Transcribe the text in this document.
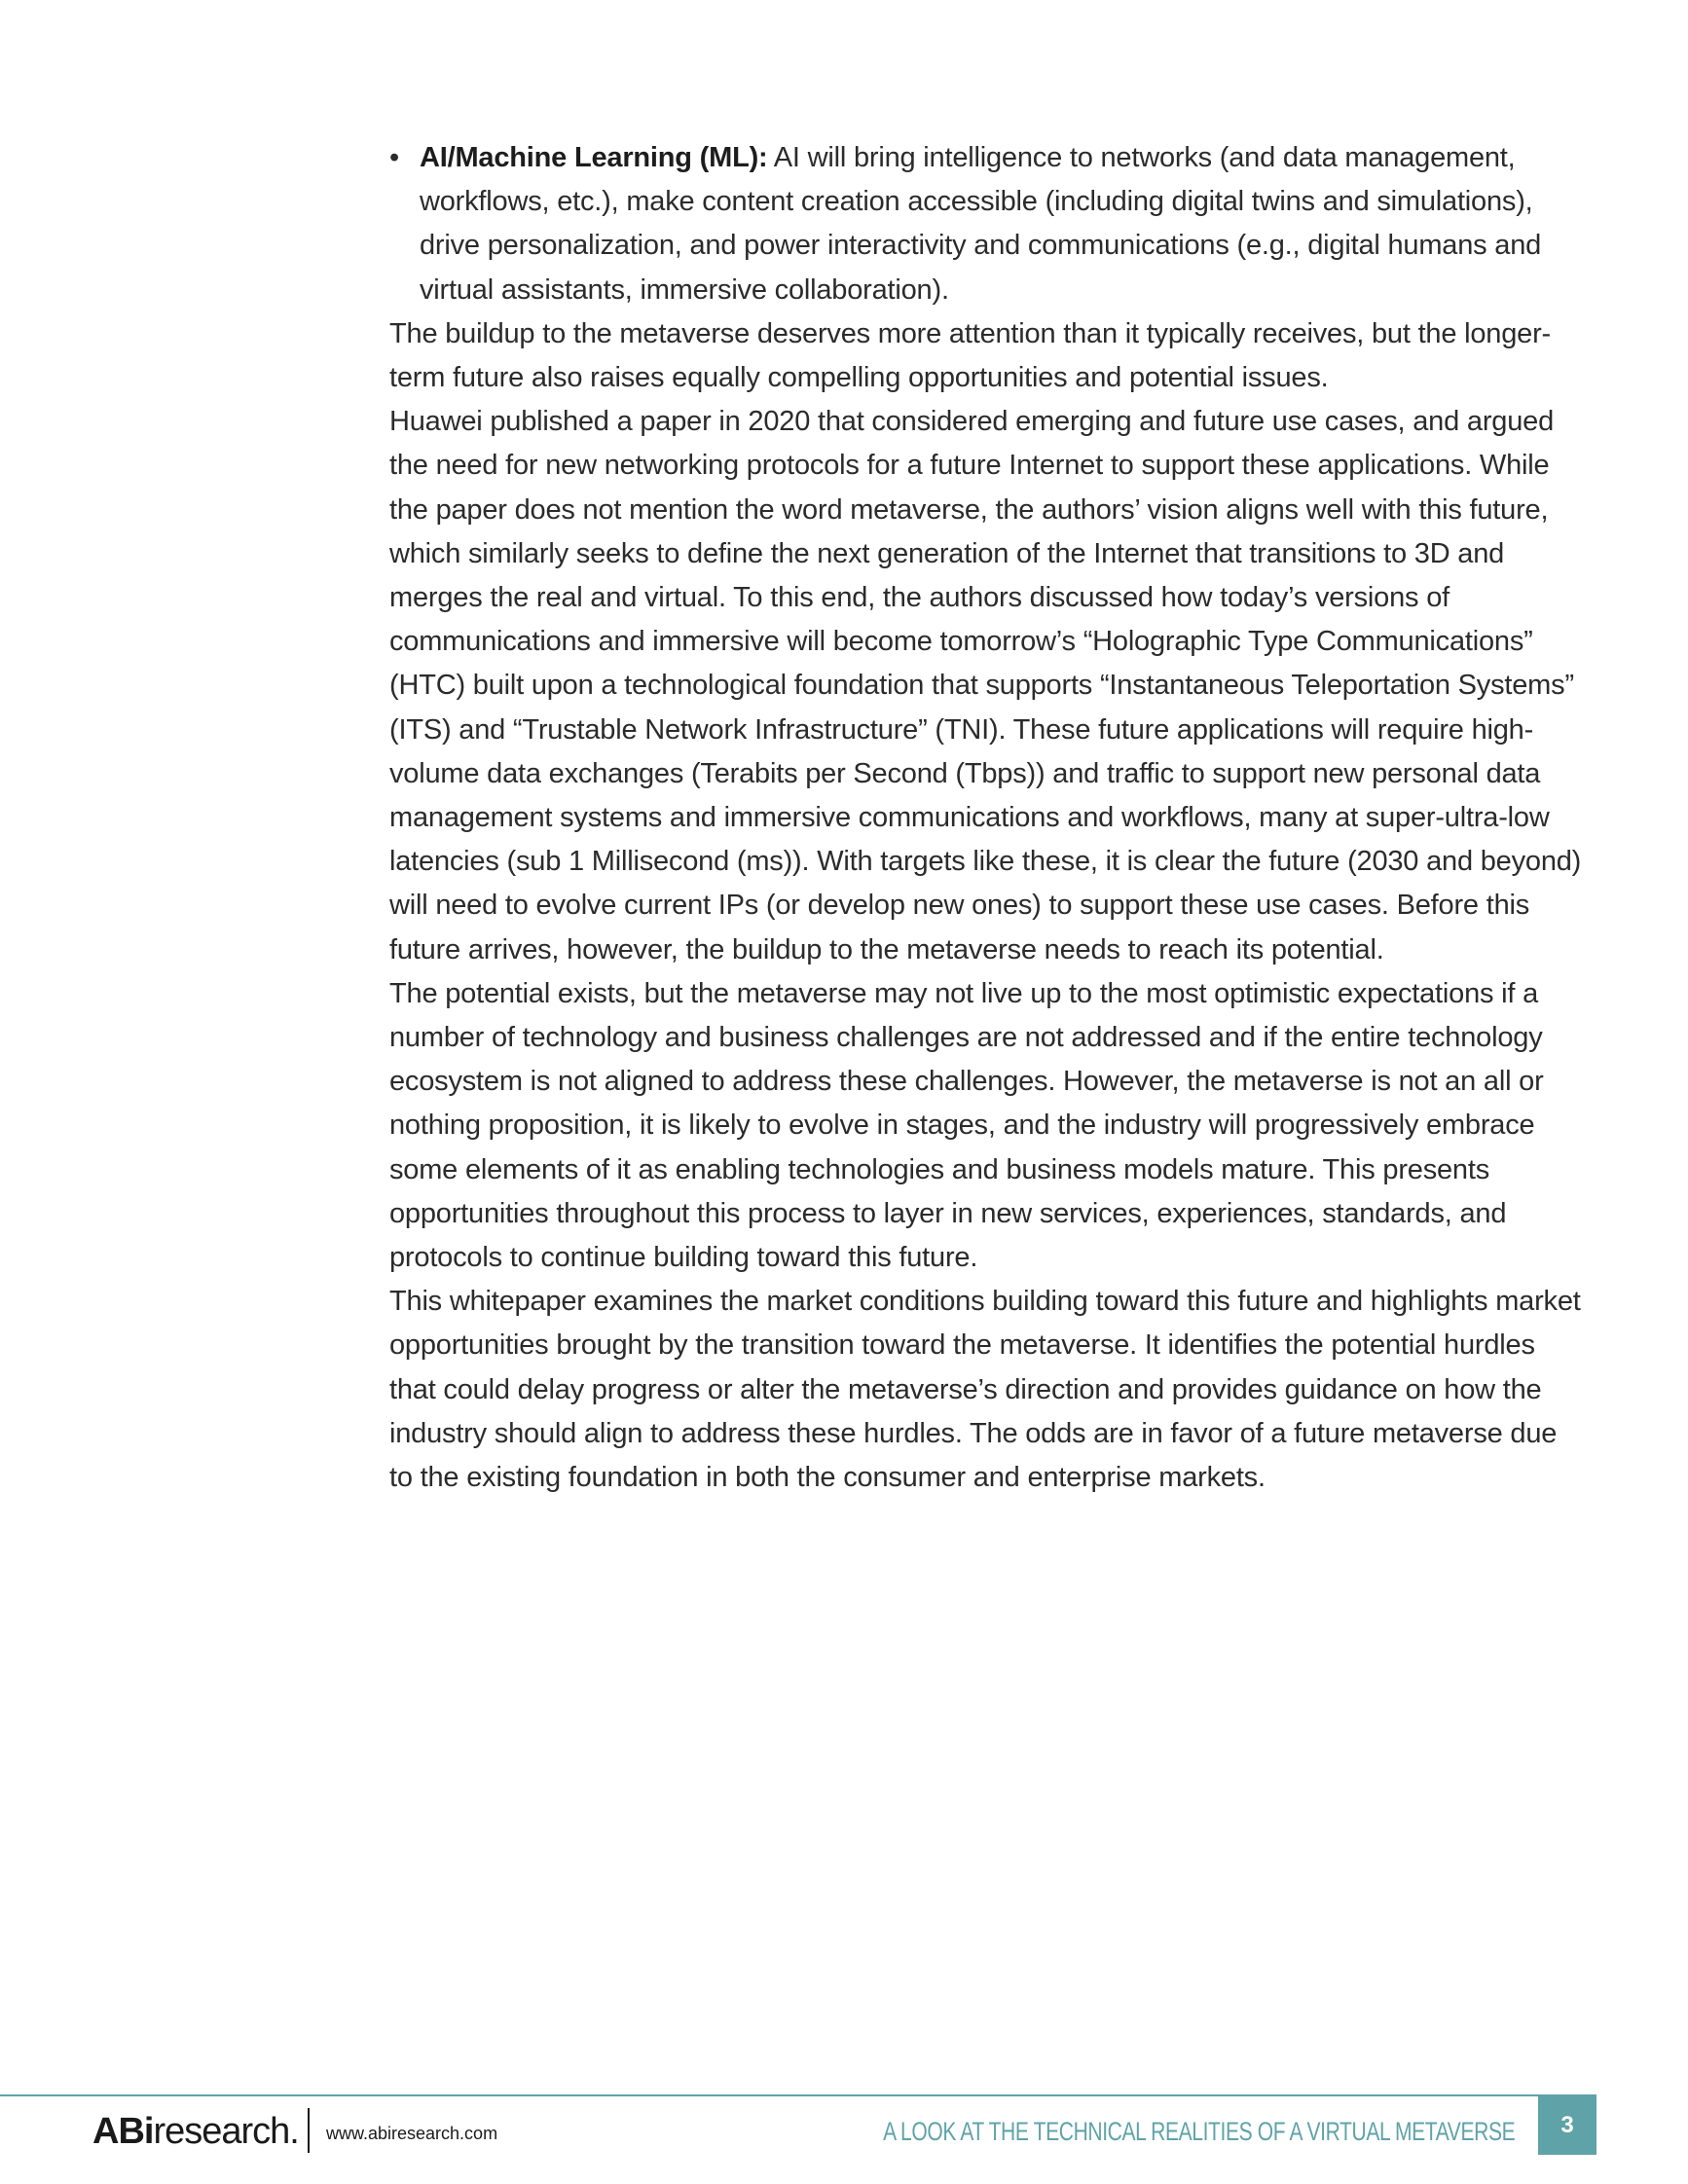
• AI/Machine Learning (ML): AI will bring intelligence to networks (and data management, workflows, etc.), make content creation accessible (including digital twins and simulations), drive personalization, and power interactivity and communications (e.g., digital humans and virtual assistants, immersive collaboration).

The buildup to the metaverse deserves more attention than it typically receives, but the longer-term future also raises equally compelling opportunities and potential issues.

Huawei published a paper in 2020 that considered emerging and future use cases, and argued the need for new networking protocols for a future Internet to support these applications. While the paper does not mention the word metaverse, the authors’ vision aligns well with this future, which similarly seeks to define the next generation of the Internet that transitions to 3D and merges the real and virtual. To this end, the authors discussed how today’s versions of communications and immersive will become tomorrow’s “Holographic Type Communications” (HTC) built upon a technological foundation that supports “Instantaneous Teleportation Systems” (ITS) and “Trustable Network Infrastructure” (TNI). These future applications will require high-volume data exchanges (Terabits per Second (Tbps)) and traffic to support new personal data management systems and immersive communications and workflows, many at super-ultra-low latencies (sub 1 Millisecond (ms)). With targets like these, it is clear the future (2030 and beyond) will need to evolve current IPs (or develop new ones) to support these use cases. Before this future arrives, however, the buildup to the metaverse needs to reach its potential.

The potential exists, but the metaverse may not live up to the most optimistic expectations if a number of technology and business challenges are not addressed and if the entire technology ecosystem is not aligned to address these challenges. However, the metaverse is not an all or nothing proposition, it is likely to evolve in stages, and the industry will progressively embrace some elements of it as enabling technologies and business models mature. This presents opportunities throughout this process to layer in new services, experiences, standards, and protocols to continue building toward this future.

This whitepaper examines the market conditions building toward this future and highlights market opportunities brought by the transition toward the metaverse. It identifies the potential hurdles that could delay progress or alter the metaverse’s direction and provides guidance on how the industry should align to address these hurdles. The odds are in favor of a future metaverse due to the existing foundation in both the consumer and enterprise markets.

ABiresearch. www.abiresearch.com	A LOOK AT THE TECHNICAL REALITIES OF A VIRTUAL METAVERSE	3
